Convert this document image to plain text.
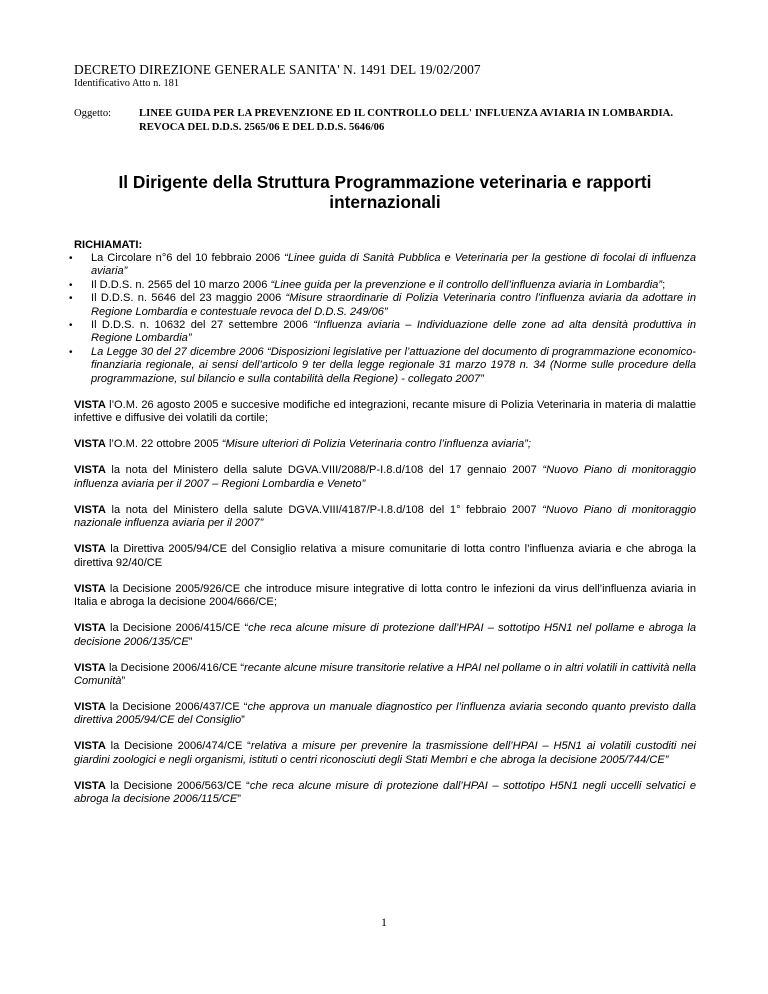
DECRETO DIREZIONE GENERALE SANITA' N. 1491 DEL 19/02/2007
Identificativo Atto n. 181
Oggetto:	LINEE GUIDA PER LA PREVENZIONE ED IL CONTROLLO DELL' INFLUENZA AVIARIA IN LOMBARDIA. REVOCA DEL D.D.S. 2565/06 E DEL D.D.S. 5646/06
Il Dirigente della Struttura Programmazione veterinaria e rapporti internazionali
RICHIAMATI:
• La Circolare n°6 del 10 febbraio 2006 “Linee guida di Sanità Pubblica e Veterinaria per la gestione di focolai di influenza aviaria”
• Il D.D.S. n. 2565 del 10 marzo 2006 “Linee guida per la prevenzione e il controllo dell’influenza aviaria in Lombardia”;
• Il D.D.S. n. 5646 del 23 maggio 2006 “Misure straordinarie di Polizia Veterinaria contro l’influenza aviaria da adottare in Regione Lombardia e contestuale revoca del D.D.S. 249/06”
• Il D.D.S. n. 10632 del 27 settembre 2006 “Influenza aviaria – Individuazione delle zone ad alta densità produttiva in Regione Lombardia”
• La Legge 30 del 27 dicembre 2006 “Disposizioni legislative per l’attuazione del documento di programmazione economico-finanziaria regionale, ai sensi dell’articolo 9 ter della legge regionale 31 marzo 1978 n. 34 (Norme sulle procedure della programmazione, sul bilancio e sulla contabilità della Regione) - collegato 2007”
VISTA l’O.M. 26 agosto 2005 e succesive modifiche ed integrazioni, recante misure di Polizia Veterinaria in materia di malattie infettive e diffusive dei volatili da cortile;
VISTA l’O.M. 22 ottobre 2005 “Misure ulteriori di Polizia Veterinaria contro l’influenza aviaria”;
VISTA la nota del Ministero della salute DGVA.VIII/2088/P-I.8.d/108 del 17 gennaio 2007 “Nuovo Piano di monitoraggio influenza aviaria per il 2007 – Regioni Lombardia e Veneto”
VISTA la nota del Ministero della salute DGVA.VIII/4187/P-I.8.d/108 del 1° febbraio 2007 “Nuovo Piano di monitoraggio nazionale influenza aviaria per il 2007”
VISTA la Direttiva 2005/94/CE del Consiglio relativa a misure comunitarie di lotta contro l’influenza aviaria e che abroga la direttiva 92/40/CE
VISTA la Decisione 2005/926/CE che introduce misure integrative di lotta contro le infezioni da virus dell’influenza aviaria in Italia e abroga la decisione 2004/666/CE;
VISTA la Decisione 2006/415/CE “che reca alcune misure di protezione dall’HPAI – sottotipo H5N1 nel pollame e abroga la decisione 2006/135/CE”
VISTA la Decisione 2006/416/CE “recante alcune misure transitorie relative a HPAI nel pollame o in altri volatili in cattività nella Comunità”
VISTA la Decisione 2006/437/CE “che approva un manuale diagnostico per l’influenza aviaria secondo quanto previsto dalla direttiva 2005/94/CE del Consiglio”
VISTA la Decisione 2006/474/CE “relativa a misure per prevenire la trasmissione dell’HPAI – H5N1 ai volatili custoditi nei giardini zoologici e negli organismi, istituti o centri riconosciuti degli Stati Membri e che abroga la decisione 2005/744/CE”
VISTA la Decisione 2006/563/CE “che reca alcune misure di protezione dall’HPAI – sottotipo H5N1 negli uccelli selvatici e abroga la decisione 2006/115/CE”
1
